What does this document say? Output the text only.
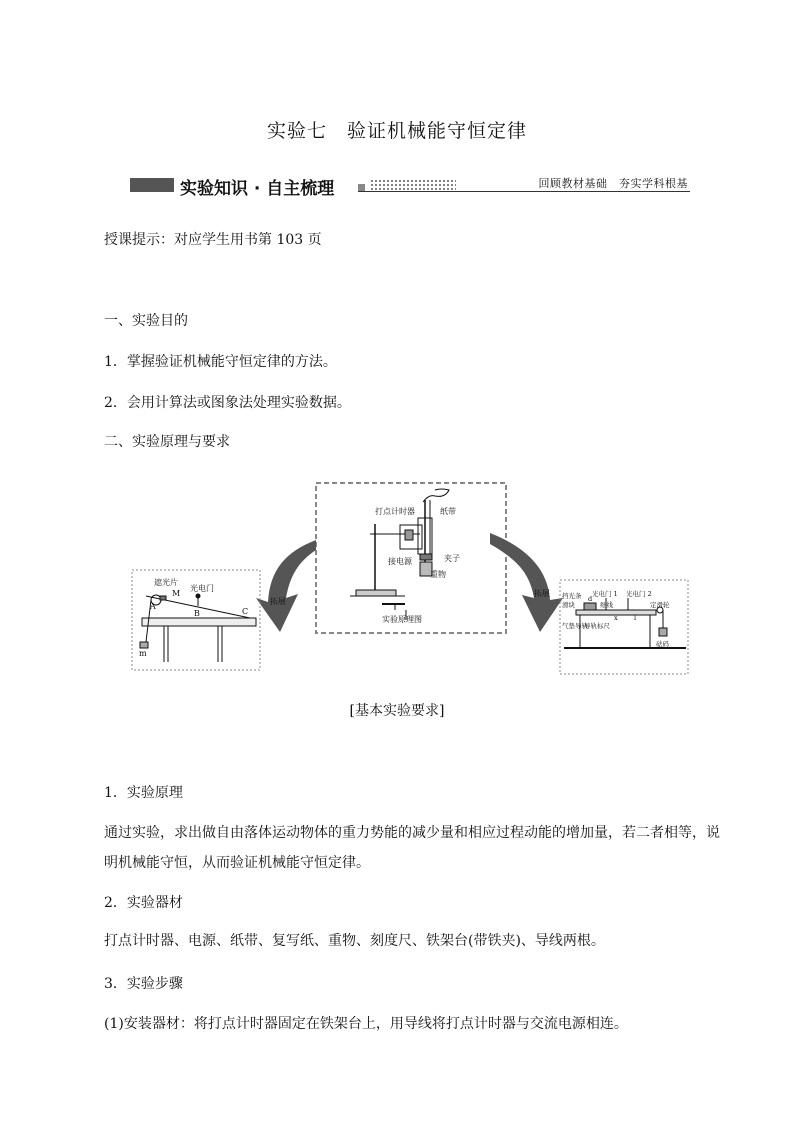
实验七　验证机械能守恒定律
实验知识 · 自主梳理	回顾教材基础　夯实学科根基
授课提示：对应学生用书第 103 页
一、实验目的
1．掌握验证机械能守恒定律的方法。
2．会用计算法或图象法处理实验数据。
二、实验原理与要求
打点计时器	纸带
接电源	夹子
重物
实验原理图
拓展
拓展
遮光片
光电门
M
A
B	C
m
挡光条
滑块
光电门 1 光电门 2
细线	定滑轮
气垫导轨
导轨标尺
砝码
d
x	l
[基本实验要求]
1．实验原理
通过实验，求出做自由落体运动物体的重力势能的减少量和相应过程动能的增加量，若二者相等，说明机械能守恒，从而验证机械能守恒定律。
2．实验器材
打点计时器、电源、纸带、复写纸、重物、刻度尺、铁架台(带铁夹)、导线两根。
3．实验步骤
(1)安装器材：将打点计时器固定在铁架台上，用导线将打点计时器与交流电源相连。
